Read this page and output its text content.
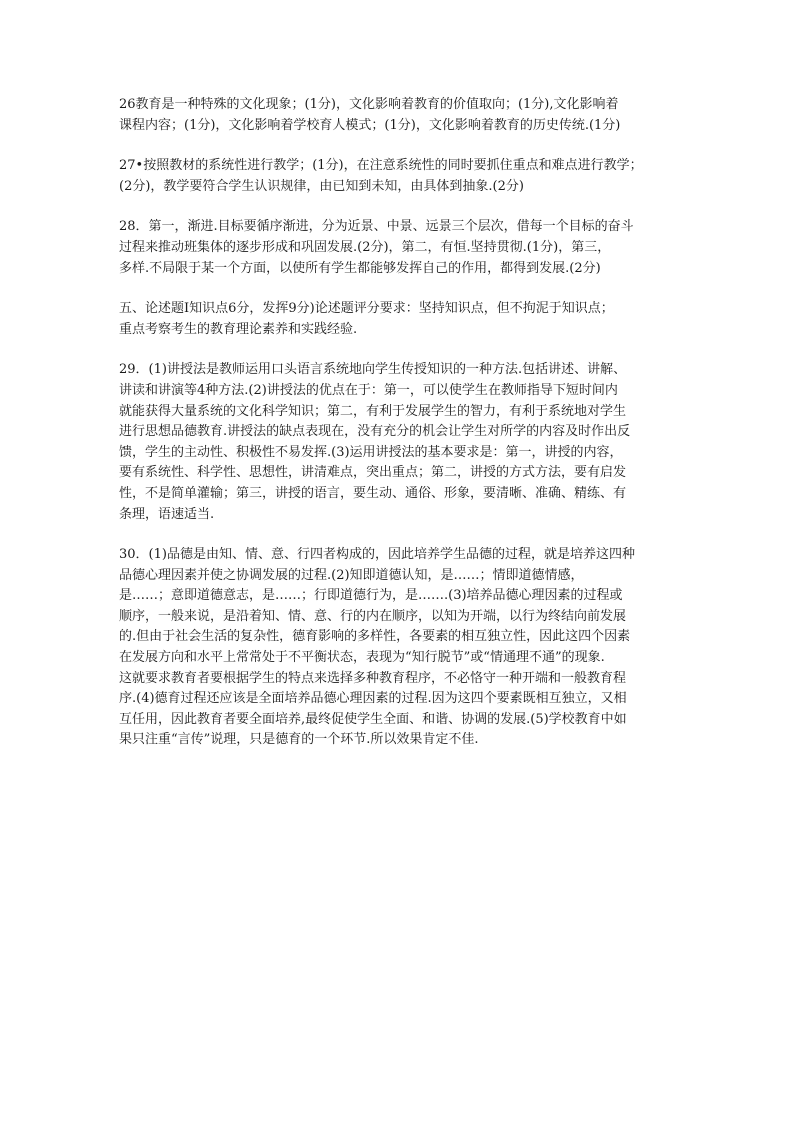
26教育是一种特殊的文化现象；(1分)，文化影响着教育的价值取向；(1分),文化影响着
课程内容；(1分)，文化影响着学校育人模式；(1分)，文化影响着教育的历史传统.(1分)
27•按照教材的系统性进行教学；(1分)，在注意系统性的同时要抓住重点和难点进行教学；
(2分)，教学要符合学生认识规律，由已知到未知，由具体到抽象.(2分)
28．第一，渐进.目标要循序渐进，分为近景、中景、远景三个层次，借每一个目标的奋斗
过程来推动班集体的逐步形成和巩固发展.(2分)，第二，有恒.坚持贯彻.(1分)，第三，
多样.不局限于某一个方面，以使所有学生都能够发挥自己的作用，都得到发展.(2分)
五、论述题I知识点6分，发挥9分)论述题评分要求：坚持知识点，但不拘泥于知识点；
重点考察考生的教育理论素养和实践经验.
29．(1)讲授法是教师运用口头语言系统地向学生传授知识的一种方法.包括讲述、讲解、
讲读和讲演等4种方法.(2)讲授法的优点在于：第一，可以使学生在教师指导下短时间内
就能获得大量系统的文化科学知识；第二，有利于发展学生的智力，有利于系统地对学生
进行思想品德教育.讲授法的缺点表现在，没有充分的机会让学生对所学的内容及时作出反
馈，学生的主动性、积极性不易发挥.(3)运用讲授法的基本要求是：第一，讲授的内容，
要有系统性、科学性、思想性，讲清难点，突出重点；第二，讲授的方式方法，要有启发
性，不是简单灌输；第三，讲授的语言，要生动、通俗、形象，要清晰、准确、精练、有
条理，语速适当.
30．(1)品德是由知、情、意、行四者构成的，因此培养学生品德的过程，就是培养这四种
品德心理因素并使之协调发展的过程.(2)知即道德认知，是……；情即道德情感，
是……；意即道德意志，是……；行即道德行为，是…….(3)培养品德心理因素的过程或
顺序，一般来说，是沿着知、情、意、行的内在顺序，以知为开端，以行为终结向前发展
的.但由于社会生活的复杂性，德育影响的多样性，各要素的相互独立性，因此这四个因素
在发展方向和水平上常常处于不平衡状态，表现为“知行脱节”或“情通理不通”的现象.
这就要求教育者要根据学生的特点来选择多种教育程序，不必恪守一种开端和一般教育程
序.(4)德育过程还应该是全面培养品德心理因素的过程.因为这四个要素既相互独立，又相
互任用，因此教育者要全面培养,最终促使学生全面、和谐、协调的发展.(5)学校教育中如
果只注重“言传”说理，只是德育的一个环节.所以效果肯定不佳.
